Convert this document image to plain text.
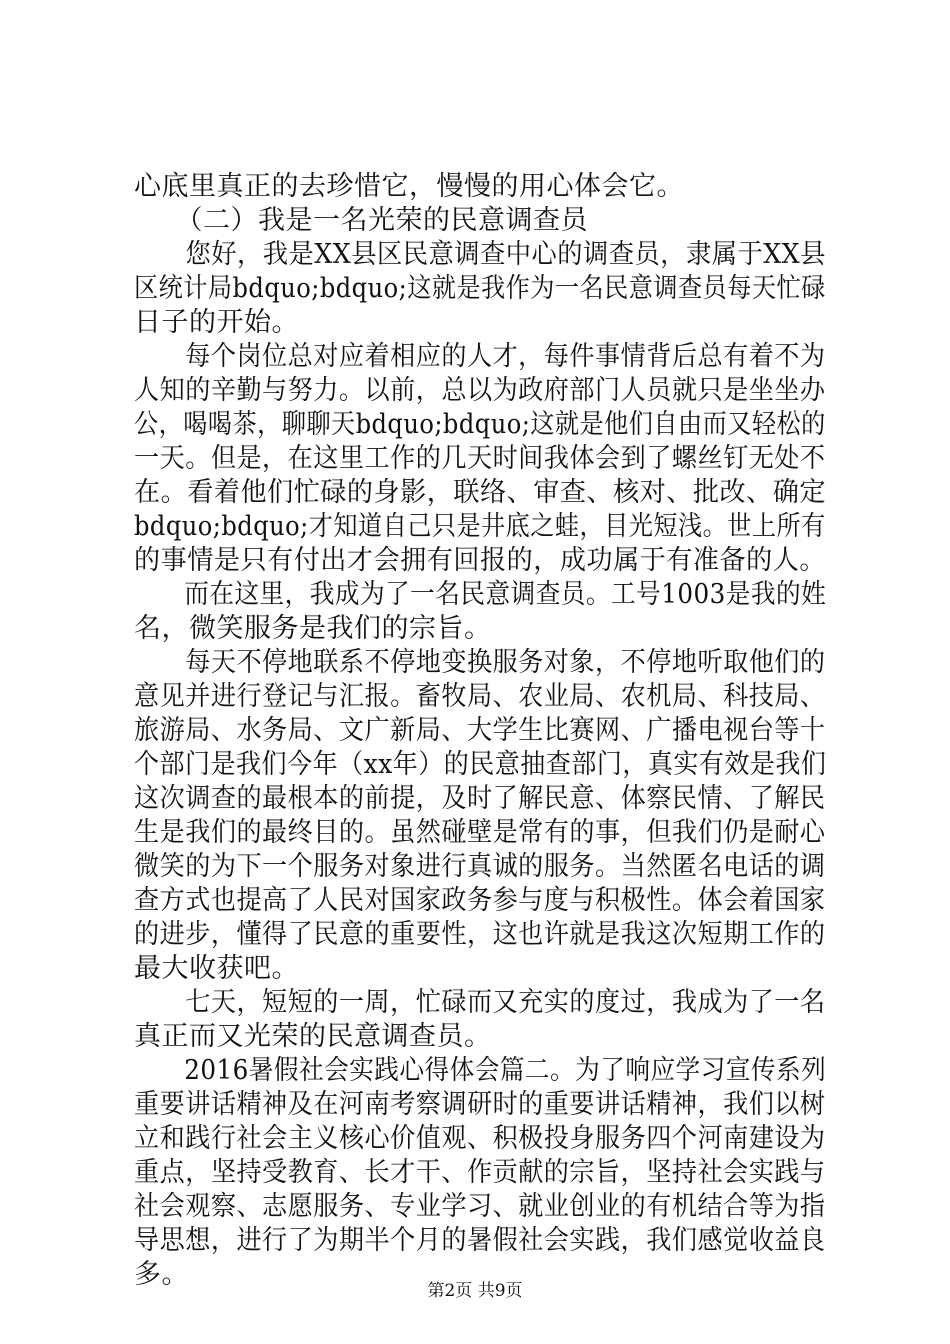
心底里真正的去珍惜它，慢慢的用心体会它。
　　（二）我是一名光荣的民意调查员
　　您好，我是XX县区民意调查中心的调查员，隶属于XX县
区统计局bdquo;bdquo;这就是我作为一名民意调查员每天忙碌
日子的开始。
　　每个岗位总对应着相应的人才，每件事情背后总有着不为
人知的辛勤与努力。以前，总以为政府部门人员就只是坐坐办
公，喝喝茶，聊聊天bdquo;bdquo;这就是他们自由而又轻松的
一天。但是，在这里工作的几天时间我体会到了螺丝钉无处不
在。看着他们忙碌的身影，联络、审查、核对、批改、确定
bdquo;bdquo;才知道自己只是井底之蛙，目光短浅。世上所有
的事情是只有付出才会拥有回报的，成功属于有准备的人。
　　而在这里，我成为了一名民意调查员。工号1003是我的姓
名，微笑服务是我们的宗旨。
　　每天不停地联系不停地变换服务对象，不停地听取他们的
意见并进行登记与汇报。畜牧局、农业局、农机局、科技局、
旅游局、水务局、文广新局、大学生比赛网、广播电视台等十
个部门是我们今年（xx年）的民意抽查部门，真实有效是我们
这次调查的最根本的前提，及时了解民意、体察民情、了解民
生是我们的最终目的。虽然碰壁是常有的事，但我们仍是耐心
微笑的为下一个服务对象进行真诚的服务。当然匿名电话的调
查方式也提高了人民对国家政务参与度与积极性。体会着国家
的进步，懂得了民意的重要性，这也许就是我这次短期工作的
最大收获吧。
　　七天，短短的一周，忙碌而又充实的度过，我成为了一名
真正而又光荣的民意调查员。
　　2016暑假社会实践心得体会篇二。为了响应学习宣传系列
重要讲话精神及在河南考察调研时的重要讲话精神，我们以树
立和践行社会主义核心价值观、积极投身服务四个河南建设为
重点，坚持受教育、长才干、作贡献的宗旨，坚持社会实践与
社会观察、志愿服务、专业学习、就业创业的有机结合等为指
导思想，进行了为期半个月的暑假社会实践，我们感觉收益良
多。
第2页 共9页
